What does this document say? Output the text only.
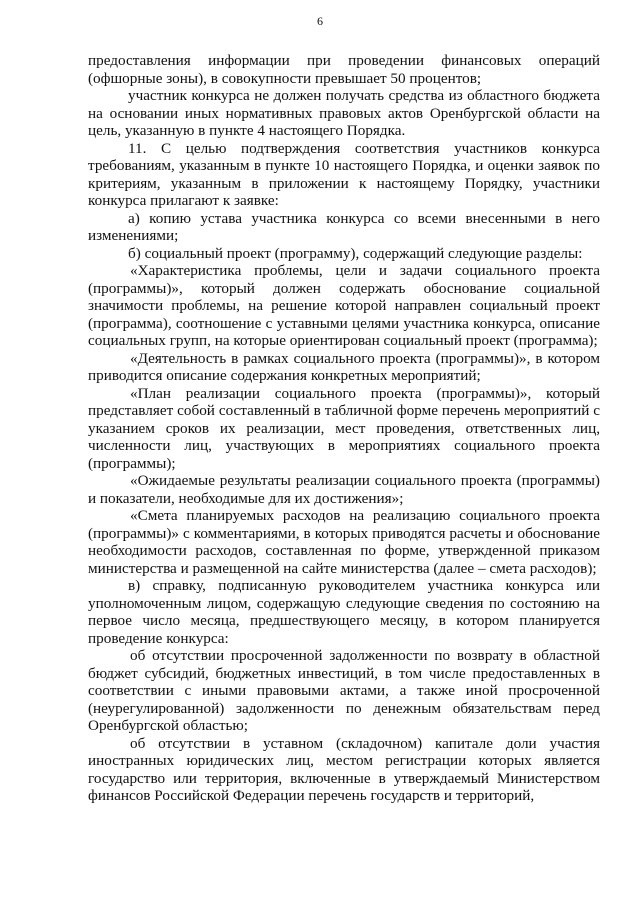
6

предоставления информации при проведении финансовых операций (офшорные зоны), в совокупности превышает 50 процентов;

участник конкурса не должен получать средства из областного бюджета на основании иных нормативных правовых актов Оренбургской области на цель, указанную в пункте 4 настоящего Порядка.

11. С целью подтверждения соответствия участников конкурса требованиям, указанным в пункте 10 настоящего Порядка, и оценки заявок по критериям, указанным в приложении к настоящему Порядку, участники конкурса прилагают к заявке:

а) копию устава участника конкурса со всеми внесенными в него изменениями;

б) социальный проект (программу), содержащий следующие разделы:

«Характеристика проблемы, цели и задачи социального проекта (программы)», который должен содержать обоснование социальной значимости проблемы, на решение которой направлен социальный проект (программа), соотношение с уставными целями участника конкурса, описание социальных групп, на которые ориентирован социальный проект (программа);

«Деятельность в рамках социального проекта (программы)», в котором приводится описание содержания конкретных мероприятий;

«План реализации социального проекта (программы)», который представляет собой составленный в табличной форме перечень мероприятий с указанием сроков их реализации, мест проведения, ответственных лиц, численности лиц, участвующих в мероприятиях социального проекта (программы);

«Ожидаемые результаты реализации социального проекта (программы) и показатели, необходимые для их достижения»;

«Смета планируемых расходов на реализацию социального проекта (программы)» с комментариями, в которых приводятся расчеты и обоснование необходимости расходов, составленная по форме, утвержденной приказом министерства и размещенной на сайте министерства (далее – смета расходов);

в) справку, подписанную руководителем участника конкурса или уполномоченным лицом, содержащую следующие сведения по состоянию на первое число месяца, предшествующего месяцу, в котором планируется проведение конкурса:

об отсутствии просроченной задолженности по возврату в областной бюджет субсидий, бюджетных инвестиций, в том числе предоставленных в соответствии с иными правовыми актами, а также иной просроченной (неурегулированной) задолженности по денежным обязательствам перед Оренбургской областью;

об отсутствии в уставном (складочном) капитале доли участия иностранных юридических лиц, местом регистрации которых является государство или территория, включенные в утверждаемый Министерством финансов Российской Федерации перечень государств и территорий,
